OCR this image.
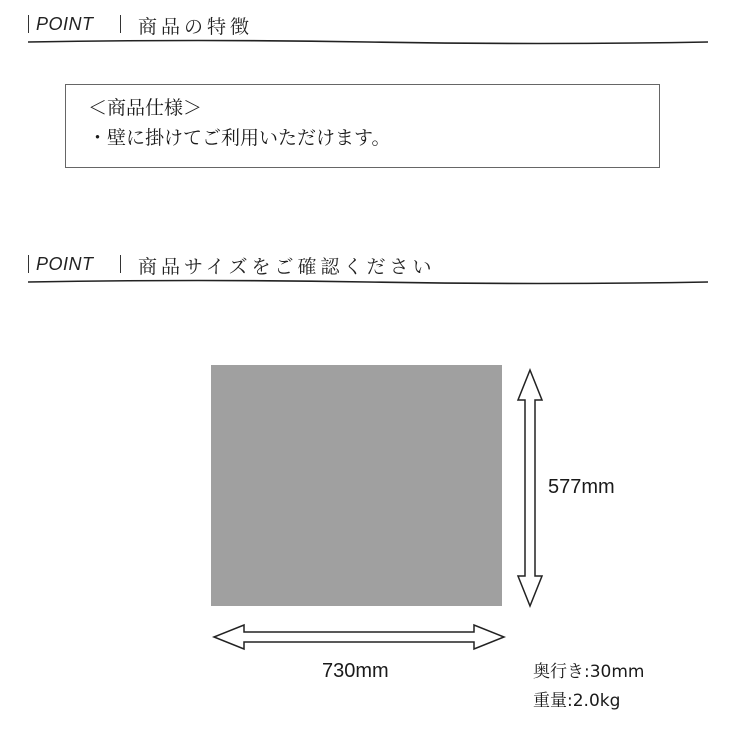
POINT 商品の特徴
＜商品仕様＞
・壁に掛けてご利用いただけます。
POINT 商品サイズをご確認ください
577mm
730mm	奥行き:30mm
重量:2.0kg
